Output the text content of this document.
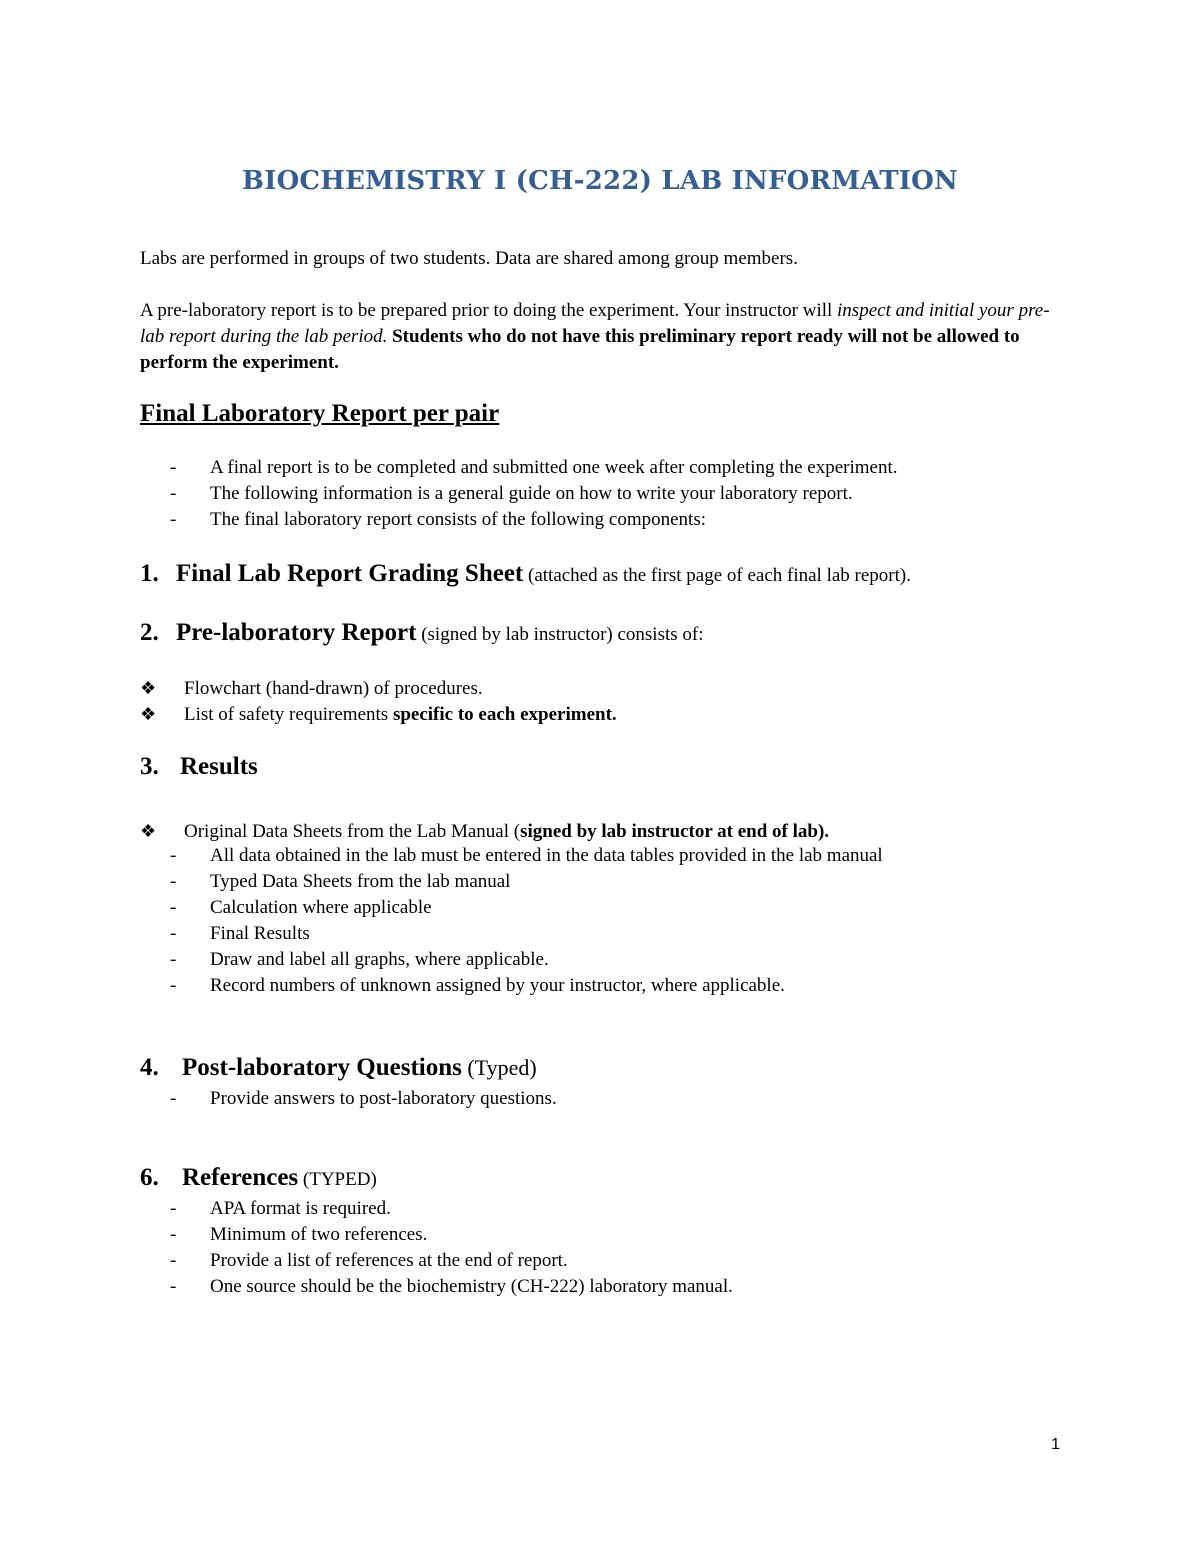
BIOCHEMISTRY I (CH-222) LAB INFORMATION
Labs are performed in groups of two students. Data are shared among group members.
A pre-laboratory report is to be prepared prior to doing the experiment. Your instructor will inspect and initial your pre-lab report during the lab period. Students who do not have this preliminary report ready will not be allowed to perform the experiment.
Final Laboratory Report per pair
- A final report is to be completed and submitted one week after completing the experiment.
- The following information is a general guide on how to write your laboratory report.
- The final laboratory report consists of the following components:
1. Final Lab Report Grading Sheet (attached as the first page of each final lab report).
2. Pre-laboratory Report (signed by lab instructor) consists of:
❖ Flowchart (hand-drawn) of procedures.
❖ List of safety requirements specific to each experiment.
3. Results
❖ Original Data Sheets from the Lab Manual (signed by lab instructor at end of lab).
- All data obtained in the lab must be entered in the data tables provided in the lab manual
- Typed Data Sheets from the lab manual
- Calculation where applicable
- Final Results
- Draw and label all graphs, where applicable.
- Record numbers of unknown assigned by your instructor, where applicable.
4. Post-laboratory Questions (Typed)
- Provide answers to post-laboratory questions.
6. References (TYPED)
- APA format is required.
- Minimum of two references.
- Provide a list of references at the end of report.
- One source should be the biochemistry (CH-222) laboratory manual.
1
